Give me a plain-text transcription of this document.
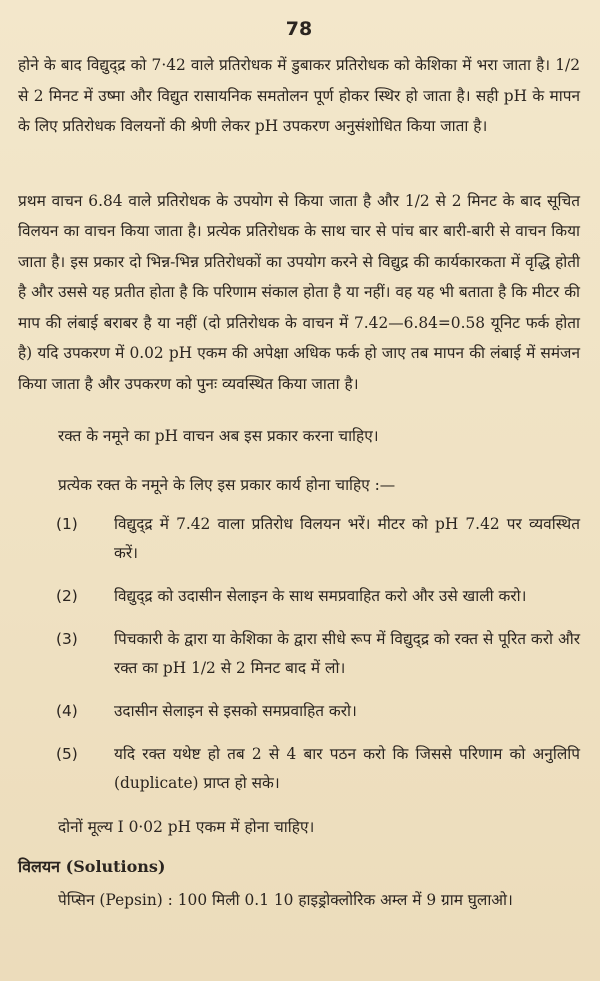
78

होने के बाद विद्युद्द्र को 7·42 वाले प्रतिरोधक में डुबाकर प्रतिरोधक को केशिका में भरा जाता है। 1/2 से 2 मिनट में उष्मा और विद्युत रासायनिक समतोलन पूर्ण होकर स्थिर हो जाता है। सही pH के मापन के लिए प्रतिरोधक विलयनों की श्रेणी लेकर pH उपकरण अनुसंशोधित किया जाता है।

प्रथम वाचन 6.84 वाले प्रतिरोधक के उपयोग से किया जाता है और 1/2 से 2 मिनट के बाद सूचित विलयन का वाचन किया जाता है। प्रत्येक प्रतिरोधक के साथ चार से पांच बार बारी-बारी से वाचन किया जाता है। इस प्रकार दो भिन्न-भिन्न प्रतिरोधकों का उपयोग करने से विद्युद्र की कार्यकारकता में वृद्धि होती है और उससे यह प्रतीत होता है कि परिणाम संकाल होता है या नहीं। वह यह भी बताता है कि मीटर की माप की लंबाई बराबर है या नहीं (दो प्रतिरोधक के वाचन में 7.42—6.84=0.58 यूनिट फर्क होता है) यदि उपकरण में 0.02 pH एकम की अपेक्षा अधिक फर्क हो जाए तब मापन की लंबाई में समंजन किया जाता है और उपकरण को पुनः व्यवस्थित किया जाता है।

रक्त के नमूने का pH वाचन अब इस प्रकार करना चाहिए।

प्रत्येक रक्त के नमूने के लिए इस प्रकार कार्य होना चाहिए :—

(1)	विद्युद्द्र में 7.42 वाला प्रतिरोध विलयन भरें। मीटर को pH 7.42 पर व्यवस्थित करें।
(2)	विद्युद्द्र को उदासीन सेलाइन के साथ समप्रवाहित करो और उसे खाली करो।
(3)	पिचकारी के द्वारा या केशिका के द्वारा सीधे रूप में विद्युद्द्र को रक्त से पूरित करो और रक्त का pH 1/2 से 2 मिनट बाद में लो।
(4)	उदासीन सेलाइन से इसको समप्रवाहित करो।
(5)	यदि रक्त यथेष्ट हो तब 2 से 4 बार पठन करो कि जिससे परिणाम को अनुलिपि (duplicate) प्राप्त हो सके।

दोनों मूल्य I 0·02 pH एकम में होना चाहिए।

विलयन (Solutions)

पेप्सिन (Pepsin) : 100 मिली 0.1 10 हाइड्रोक्लोरिक अम्ल में 9 ग्राम घुलाओ।
